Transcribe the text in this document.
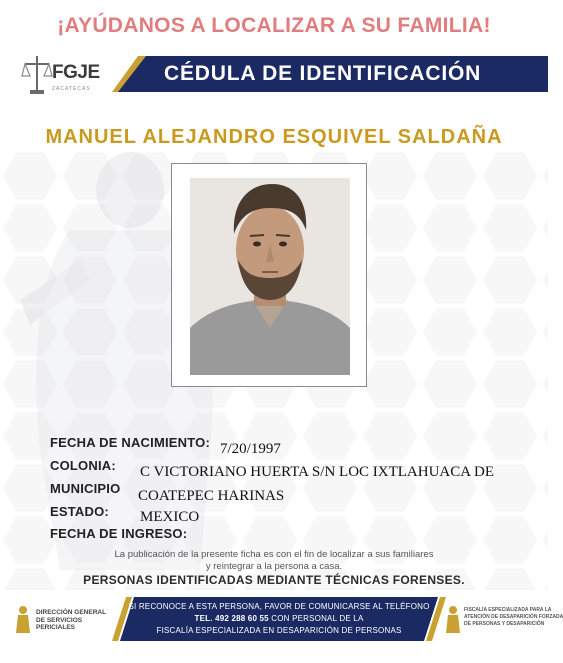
¡AYÚDANOS A LOCALIZAR A SU FAMILIA!
FGJE
ZACATECAS
CÉDULA DE IDENTIFICACIÓN
MANUEL ALEJANDRO ESQUIVEL SALDAÑA
FECHA DE NACIMIENTO: 7/20/1997
COLONIA: C VICTORIANO HUERTA S/N LOC IXTLAHUACA DE
MUNICIPIO COATEPEC HARINAS
ESTADO: MEXICO
FECHA DE INGRESO:
La publicación de la presente ficha es con el fin de localizar a sus familiares
y reintegrar a la persona a casa.
PERSONAS IDENTIFICADAS MEDIANTE TÉCNICAS FORENSES.
DIRECCIÓN GENERAL
DE SERVICIOS PERICIALES
SI RECONOCE A ESTA PERSONA, FAVOR DE COMUNICARSE AL TELÉFONO
TEL. 492 288 60 55 CON PERSONAL DE LA
FISCALÍA ESPECIALIZADA EN DESAPARICIÓN DE PERSONAS
FISCALÍA ESPECIALIZADA PARA LA
ATENCIÓN DE DESAPARICIÓN FORZADA
DE PERSONAS Y DESAPARICIÓN
